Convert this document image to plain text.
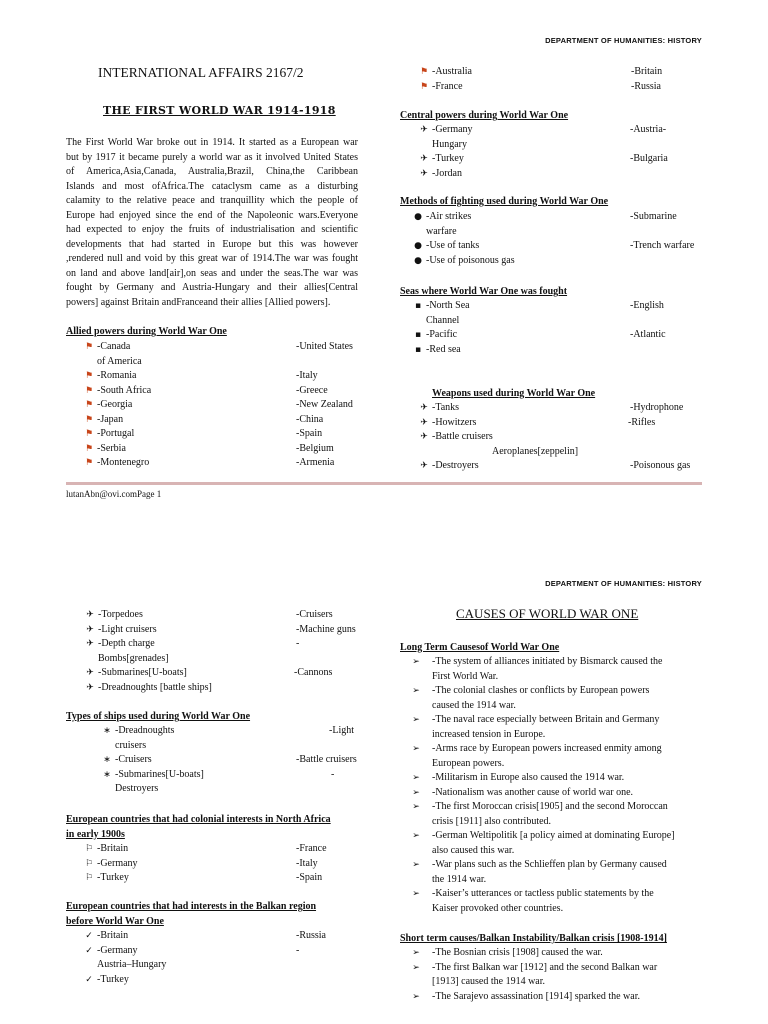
DEPARTMENT OF HUMANITIES: HISTORY
INTERNATIONAL AFFAIRS 2167/2
THE FIRST WORLD WAR 1914-1918
The First World War broke out in 1914. It started as a European war
but by 1917 it became purely a world war as it involved United States
of America,Asia,Canada, Australia,Brazil, China,the Caribbean
Islands and most ofAfrica.The cataclysm came as a disturbing
calamity to the relative peace and tranquillity which the people of
Europe had enjoyed since the end of the Napoleonic wars.Everyone
had expected to enjoy the fruits of industrialisation and scientific
developments that had started in Europe but this was however
,rendered null and void by this great war of 1914.The war was fought
on land and above land[air],on seas and under the seas.The war was
fought by Germany and Austria-Hungary and their allies[Central
powers] against Britain andFranceand their allies [Allied powers].
Allied powers during World War One
⚑ -Canada	-United States
of America
⚑ -Romania	-Italy
⚑ -South Africa	-Greece
⚑ -Georgia	-New Zealand
⚑ -Japan	-China
⚑ -Portugal	-Spain
⚑ -Serbia	-Belgium
⚑ -Montenegro	-Armenia
⚑ -Australia	-Britain
⚑ -France	-Russia
Central powers during World War One
✈ -Germany	-Austria-
Hungary
✈ -Turkey	-Bulgaria
✈ -Jordan
Methods of fighting used during World War One
● -Air strikes	-Submarine
warfare
● -Use of tanks	-Trench warfare
● -Use of poisonous gas
Seas where World War One was fought
▪ -North Sea	-English
Channel
▪ -Pacific	-Atlantic
▪ -Red sea
Weapons used during World War One
✈ -Tanks	-Hydrophone
✈ -Howitzers	-Rifles
✈ -Battle cruisers
Aeroplanes[zeppelin]
✈ -Destroyers	-Poisonous gas
lutanAbn@ovi.comPage 1
DEPARTMENT OF HUMANITIES: HISTORY
✈ -Torpedoes	-Cruisers
✈ -Light cruisers	-Machine guns
✈ -Depth charge	-
Bombs[grenades]
✈ -Submarines[U-boats]	-Cannons
✈ -Dreadnoughts [battle ships]
Types of ships used during World War One
∗ -Dreadnoughts	-Light
cruisers
∗ -Cruisers	-Battle cruisers
∗ -Submarines[U-boats]	-
Destroyers
European countries that had colonial interests in North Africa
in early 1900s
⚐ -Britain	-France
⚐ -Germany	-Italy
⚐ -Turkey	-Spain
European countries that had interests in the Balkan region
before World War One
✓ -Britain	-Russia
✓ -Germany	-
Austria–Hungary
✓ -Turkey
CAUSES OF WORLD WAR ONE
Long Term Causesof World War One
➢	-The system of alliances initiated by Bismarck caused the
First World War.
➢	-The colonial clashes or conflicts by European powers
caused the 1914 war.
➢	-The naval race especially between Britain and Germany
increased tension in Europe.
➢	-Arms race by European powers increased enmity among
European powers.
➢	-Militarism in Europe also caused the 1914 war.
➢	-Nationalism was another cause of world war one.
➢	-The first Moroccan crisis[1905] and the second Moroccan
crisis [1911] also contributed.
➢	-German Weltipolitik [a policy aimed at dominating Europe]
also caused this war.
➢	-War plans such as the Schlieffen plan by Germany caused
the 1914 war.
➢	-Kaiser’s utterances or tactless public statements by the
Kaiser provoked other countries.
Short term causes/Balkan Instability/Balkan crisis [1908-1914]
➢	-The Bosnian crisis [1908] caused the war.
➢	-The first Balkan war [1912] and the second Balkan war
[1913] caused the 1914 war.
➢	-The Sarajevo assassination [1914] sparked the war.
